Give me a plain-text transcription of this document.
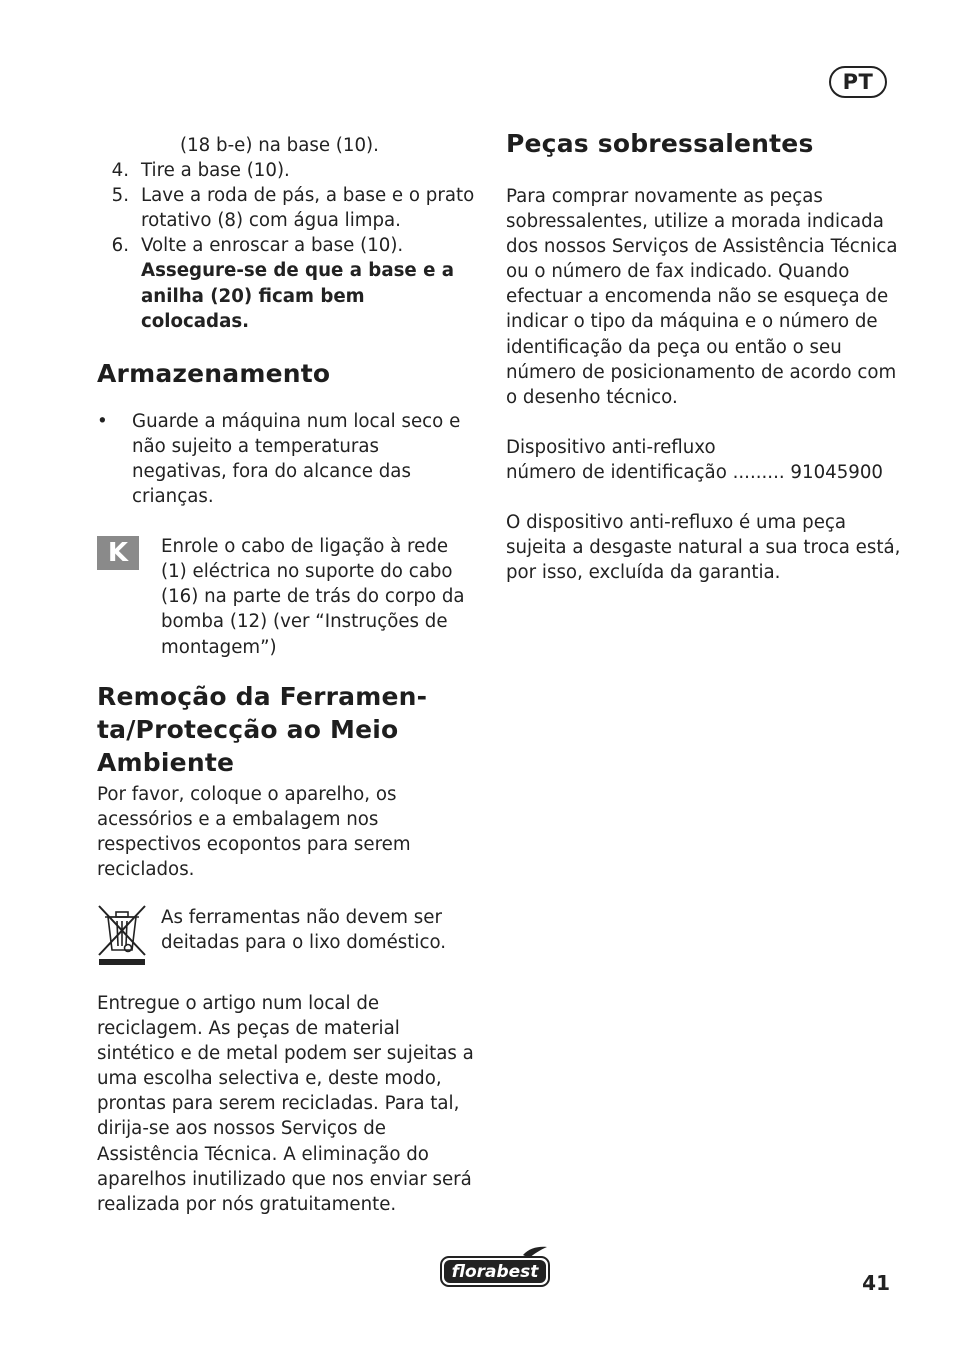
PT
(18 b-e) na base (10).
4. Tire a base (10).
5. Lave a roda de pás, a base e o prato rotativo (8) com água limpa.
6. Volte a enroscar a base (10).
Assegure-se de que a base e a anilha (20) ficam bem colocadas.
Armazenamento
•	Guarde a máquina num local seco e não sujeito a temperaturas negativas, fora do alcance das crianças.
K	Enrole o cabo de ligação à rede (1) eléctrica no suporte do cabo (16) na parte de trás do corpo da bomba (12) (ver “Instruções de montagem”)
Remoção da Ferramen-
ta/Protecção ao Meio
Ambiente
Por favor, coloque o aparelho, os acessórios e a embalagem nos respectivos ecopontos para serem reciclados.
As ferramentas não devem ser deitadas para o lixo doméstico.
Entregue o artigo num local de reciclagem. As peças de material sintético e de metal podem ser sujeitas a uma escolha selectiva e, deste modo, prontas para serem recicladas. Para tal, dirija-se aos nossos Serviços de Assistência Técnica. A eliminação do aparelhos inutilizado que nos enviar será realizada por nós gratuitamente.
Peças sobressalentes
Para comprar novamente as peças sobressalentes, utilize a morada indicada dos nossos Serviços de Assistência Técnica ou o número de fax indicado. Quando efectuar a encomenda não se esqueça de indicar o tipo da máquina e o número de identificação da peça ou então o seu número de posicionamento de acordo com o desenho técnico.
Dispositivo anti-refluxo
número de identificação ......... 91045900
O dispositivo anti-refluxo é uma peça sujeita a desgaste natural a sua troca está, por isso, excluída da garantia.
florabest	41
